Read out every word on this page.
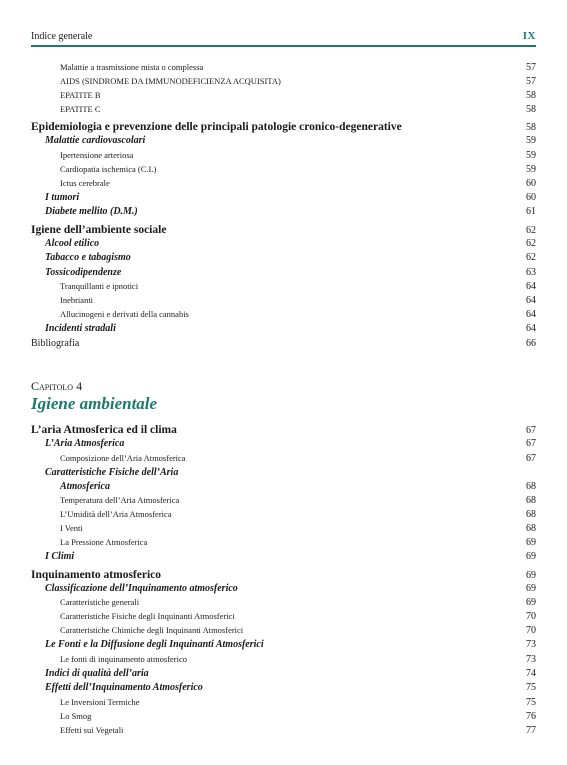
Indice generale	IX
Malattie a trasmissione mista o complessa	57
AIDS (SINDROME DA IMMUNODEFICIENZA ACQUISITA)	57
EPATITE B	58
EPATITE C	58
Epidemiologia e prevenzione delle principali patologie cronico-degenerative	58
Malattie cardiovascolari	59
Ipertensione arteriosa	59
Cardiopatia ischemica (C.I.)	59
Ictus cerebrale	60
I tumori	60
Diabete mellito (D.M.)	61
Igiene dell’ambiente sociale	62
Alcool etilico	62
Tabacco e tabagismo	62
Tossicodipendenze	63
Tranquillanti e ipnotici	64
Inebrianti	64
Allucinogeni e derivati della cannabis	64
Incidenti stradali	64
Bibliografia	66
Capitolo 4
Igiene ambientale
L’aria Atmosferica ed il clima	67
L’Aria Atmosferica	67
Composizione dell’Aria Atmosferica	67
Caratteristiche Fisiche dell’Aria
Atmosferica	68
Temperatura dell’Aria Atmosferica	68
L’Umidità dell’Aria Atmosferica	68
I Venti	68
La Pressione Atmosferica	69
I Climi	69
Inquinamento atmosferico	69
Classificazione dell’Inquinamento atmosferico	69
Caratteristiche generali	69
Caratteristiche Fisiche degli Inquinanti Atmosferici	70
Caratteristiche Chimiche degli Inquinanti Atmosferici	70
Le Fonti e la Diffusione degli Inquinanti Atmosferici	73
Le fonti di inquinamento atmosferico	73
Indici di qualità dell’aria	74
Effetti dell’Inquinamento Atmosferico	75
Le Inversioni Termiche	75
Lo Smog	76
Effetti sui Vegetali	77
